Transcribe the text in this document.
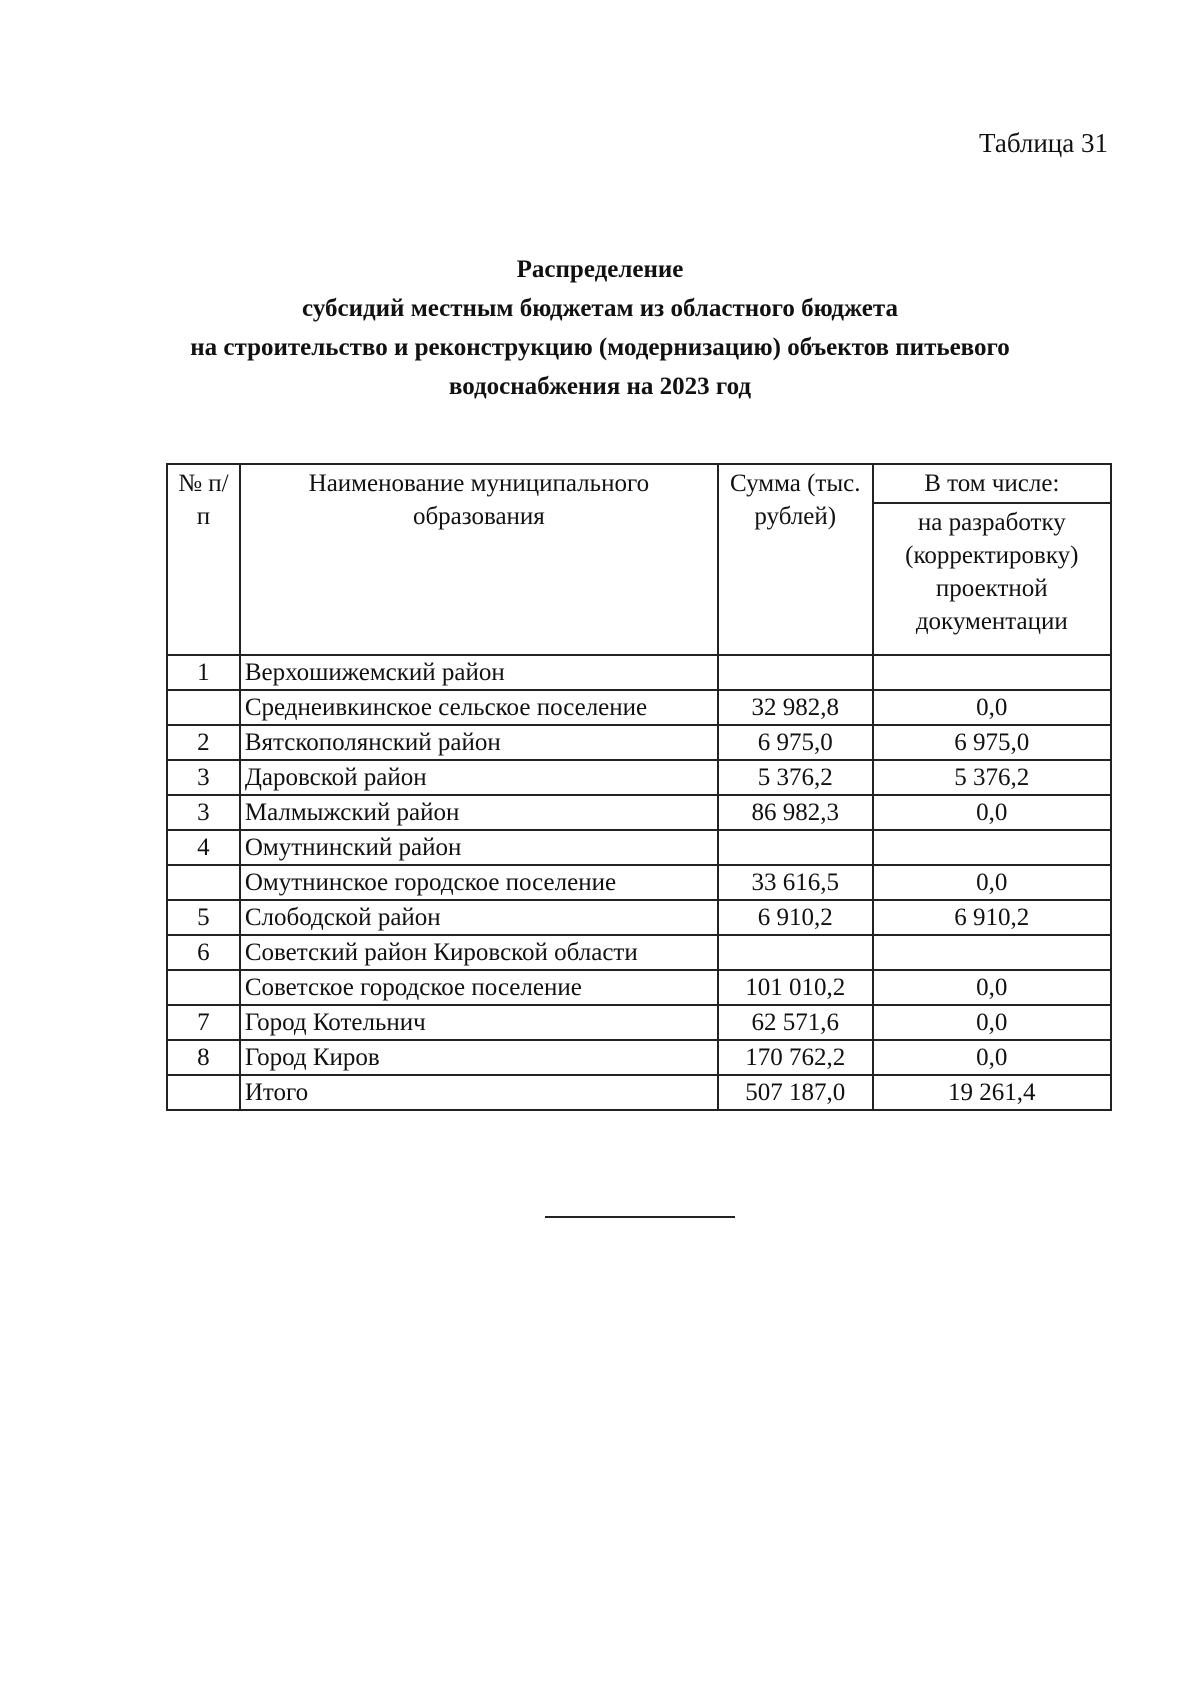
Таблица 31

Распределение
субсидий местным бюджетам из областного бюджета
на строительство и реконструкцию (модернизацию) объектов питьевого
водоснабжения на 2023 год
№ п/п	Наименование муниципального образования	Сумма (тыс. рублей)	В том числе:
			на разработку (корректировку) проектной документации
1	Верхошижемский район		
	Среднеивкинское сельское поселение	32 982,8	0,0
2	Вятскополянский район	6 975,0	6 975,0
3	Даровской район	5 376,2	5 376,2
3	Малмыжский район	86 982,3	0,0
4	Омутнинский район		
	Омутнинское городское поселение	33 616,5	0,0
5	Слободской район	6 910,2	6 910,2
6	Советский район Кировской области		
	Советское городское поселение	101 010,2	0,0
7	Город Котельнич	62 571,6	0,0
8	Город Киров	170 762,2	0,0
	Итого	507 187,0	19 261,4
